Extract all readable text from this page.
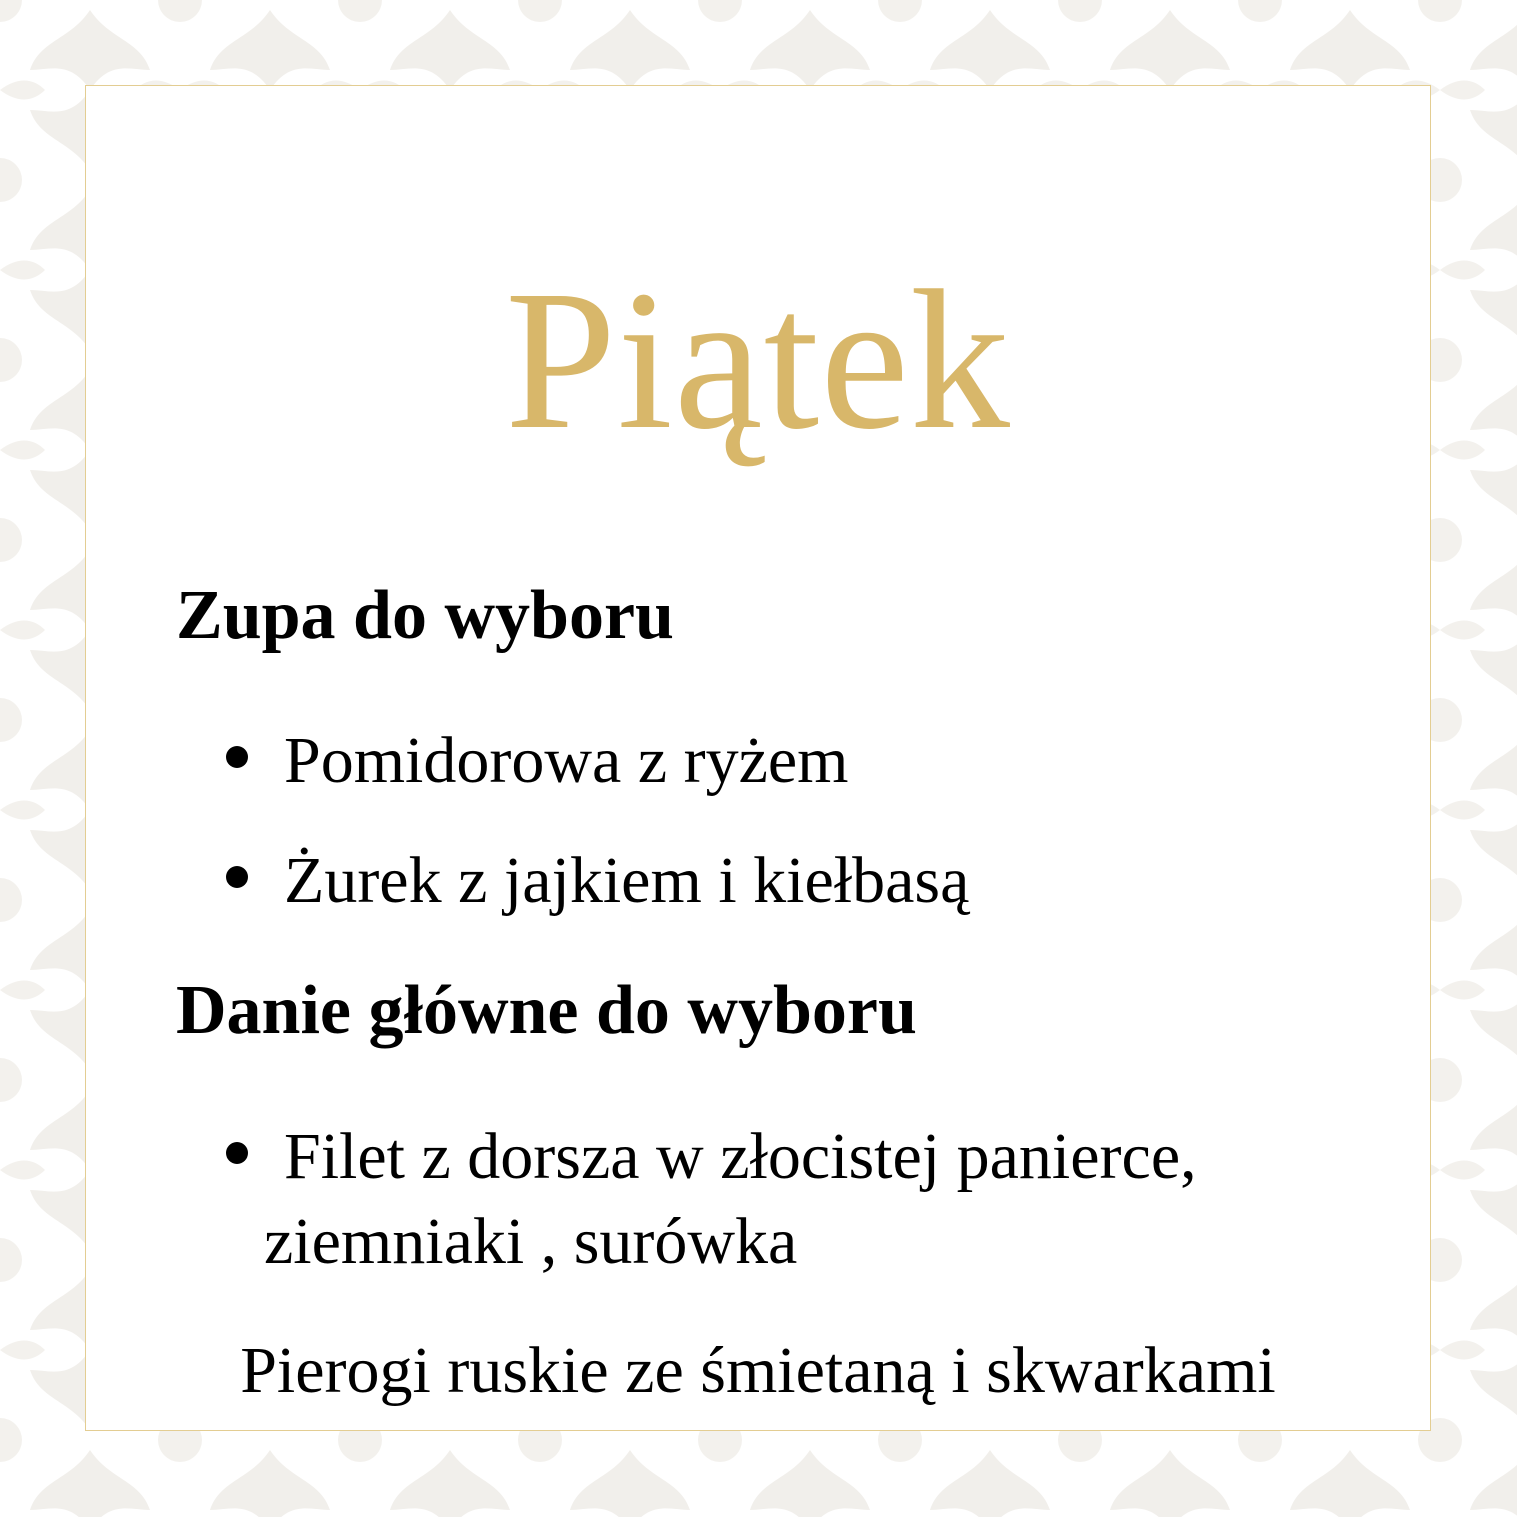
Piątek
Zupa do wyboru
Pomidorowa z ryżem
Żurek z jajkiem i kiełbasą
Danie główne do wyboru
Filet z dorsza w złocistej panierce,
ziemniaki , surówka
Pierogi ruskie ze śmietaną i skwarkami
